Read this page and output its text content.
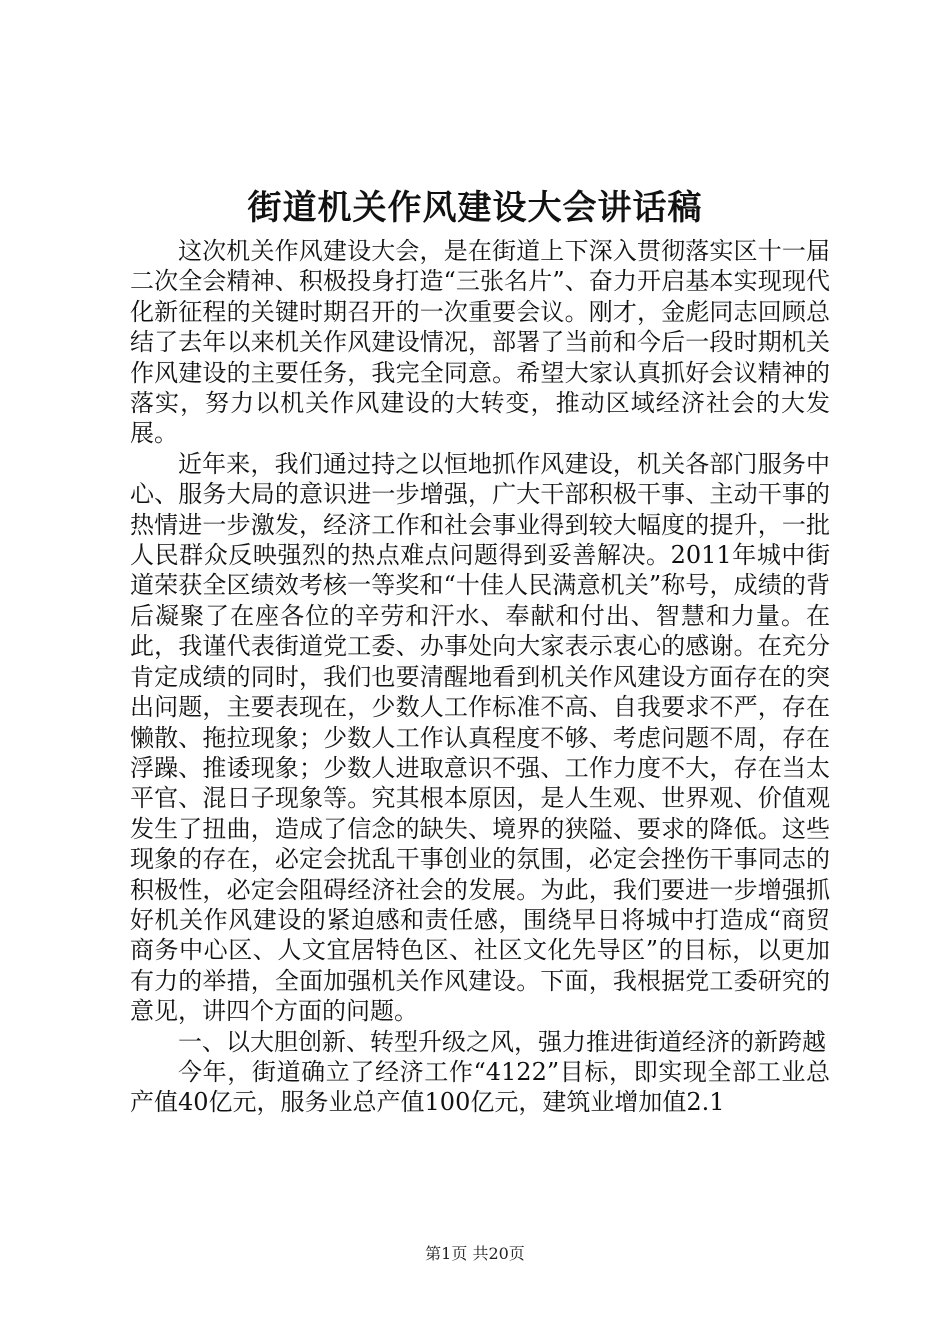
街道机关作风建设大会讲话稿

这次机关作风建设大会，是在街道上下深入贯彻落实区十一届二次全会精神、积极投身打造“三张名片”、奋力开启基本实现现代化新征程的关键时期召开的一次重要会议。刚才，金彪同志回顾总结了去年以来机关作风建设情况，部署了当前和今后一段时期机关作风建设的主要任务，我完全同意。希望大家认真抓好会议精神的落实，努力以机关作风建设的大转变，推动区域经济社会的大发展。

近年来，我们通过持之以恒地抓作风建设，机关各部门服务中心、服务大局的意识进一步增强，广大干部积极干事、主动干事的热情进一步激发，经济工作和社会事业得到较大幅度的提升，一批人民群众反映强烈的热点难点问题得到妥善解决。2011年城中街道荣获全区绩效考核一等奖和“十佳人民满意机关”称号，成绩的背后凝聚了在座各位的辛劳和汗水、奉献和付出、智慧和力量。在此，我谨代表街道党工委、办事处向大家表示衷心的感谢。在充分肯定成绩的同时，我们也要清醒地看到机关作风建设方面存在的突出问题，主要表现在，少数人工作标准不高、自我要求不严，存在懒散、拖拉现象；少数人工作认真程度不够、考虑问题不周，存在浮躁、推诿现象；少数人进取意识不强、工作力度不大，存在当太平官、混日子现象等。究其根本原因，是人生观、世界观、价值观发生了扭曲，造成了信念的缺失、境界的狭隘、要求的降低。这些现象的存在，必定会扰乱干事创业的氛围，必定会挫伤干事同志的积极性，必定会阻碍经济社会的发展。为此，我们要进一步增强抓好机关作风建设的紧迫感和责任感，围绕早日将城中打造成“商贸商务中心区、人文宜居特色区、社区文化先导区”的目标，以更加有力的举措，全面加强机关作风建设。下面，我根据党工委研究的意见，讲四个方面的问题。

一、以大胆创新、转型升级之风，强力推进街道经济的新跨越

今年，街道确立了经济工作“4122”目标，即实现全部工业总产值40亿元，服务业总产值100亿元，建筑业增加值2.1

第1页 共20页
